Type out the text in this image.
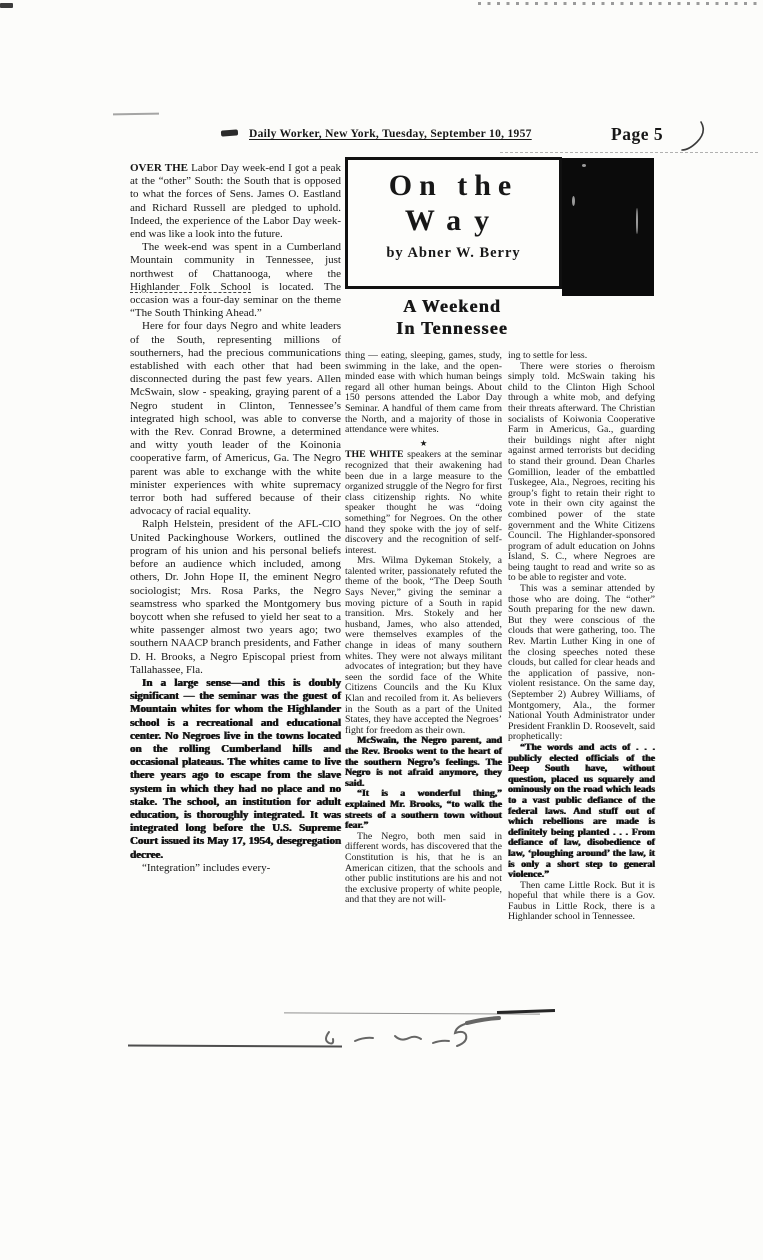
Daily Worker, New York, Tuesday, September 10, 1957	Page 5
On the
Way
by Abner W. Berry
A Weekend
In Tennessee

OVER THE Labor Day week-end I got a peak at the “other” South: the South that is opposed to what the forces of Sens. James O. Eastland and Richard Russell are pledged to uphold. Indeed, the experience of the Labor Day week-end was like a look into the future.

The week-end was spent in a Cumberland Mountain community in Tennessee, just northwest of Chattanooga, where the Highlander Folk School is located. The occasion was a four-day seminar on the theme “The South Thinking Ahead.”

Here for four days Negro and white leaders of the South, representing millions of southerners, had the precious communications established with each other that had been disconnected during the past few years. Allen McSwain, slow - speaking, graying parent of a Negro student in Clinton, Tennessee’s integrated high school, was able to converse with the Rev. Conrad Browne, a determined and witty youth leader of the Koinonia cooperative farm, of Americus, Ga. The Negro parent was able to exchange with the white minister experiences with white supremacy terror both had suffered because of their advocacy of racial equality.

Ralph Helstein, president of the AFL-CIO United Packinghouse Workers, outlined the program of his union and his personal beliefs before an audience which included, among others, Dr. John Hope II, the eminent Negro sociologist; Mrs. Rosa Parks, the Negro seamstress who sparked the Montgomery bus boycott when she refused to yield her seat to a white passenger almost two years ago; two southern NAACP branch presidents, and Father D. H. Brooks, a Negro Episcopal priest from Tallahassee, Fla.

In a large sense—and this is doubly significant — the seminar was the guest of Mountain whites for whom the Highlander school is a recreational and educational center. No Negroes live in the towns located on the rolling Cumberland hills and occasional plateaus. The whites came to live there years ago to escape from the slave system in which they had no place and no stake. The school, an institution for adult education, is thoroughly integrated. It was integrated long before the U.S. Supreme Court issued its May 17, 1954, desegregation decree.

“Integration” includes every-

thing — eating, sleeping, games, study, swimming in the lake, and the open-minded ease with which human beings regard all other human beings. About 150 persons attended the Labor Day Seminar. A handful of them came from the North, and a majority of those in attendance were whites.

★

THE WHITE speakers at the seminar recognized that their awakening had been due in a large measure to the organized struggle of the Negro for first class citizenship rights. No white speaker thought he was “doing something” for Negroes. On the other hand they spoke with the joy of self-discovery and the recognition of self-interest.

Mrs. Wilma Dykeman Stokely, a talented writer, passionately refuted the theme of the book, “The Deep South Says Never,” giving the seminar a moving picture of a South in rapid transition. Mrs. Stokely and her husband, James, who also attended, were themselves examples of the change in ideas of many southern whites. They were not always militant advocates of integration; but they have seen the sordid face of the White Citizens Councils and the Ku Klux Klan and recoiled from it. As believers in the South as a part of the United States, they have accepted the Negroes’ fight for freedom as their own.

McSwain, the Negro parent, and the Rev. Brooks went to the heart of the southern Negro’s feelings. The Negro is not afraid anymore, they said.

“It is a wonderful thing,” explained Mr. Brooks, “to walk the streets of a southern town without fear.”

The Negro, both men said in different words, has discovered that the Constitution is his, that he is an American citizen, that the schools and other public institutions are his and not the exclusive property of white people, and that they are not will-

ing to settle for less.

There were stories o fheroism simply told. McSwain taking his child to the Clinton High School through a white mob, and defying their threats afterward. The Christian socialists of Koiwonia Cooperative Farm in Americus, Ga., guarding their buildings night after night against armed terrorists but deciding to stand their ground. Dean Charles Gomillion, leader of the embattled Tuskegee, Ala., Negroes, reciting his group’s fight to retain their right to vote in their own city against the combined power of the state government and the White Citizens Council. The Highlander-sponsored program of adult education on Johns Island, S. C., where Negroes are being taught to read and write so as to be able to register and vote.

This was a seminar attended by those who are doing. The “other” South preparing for the new dawn. But they were conscious of the clouds that were gathering, too. The Rev. Martin Luther King in one of the closing speeches noted these clouds, but called for clear heads and the application of passive, non-violent resistance. On the same day, (September 2) Aubrey Williams, of Montgomery, Ala., the former National Youth Administrator under President Franklin D. Roosevelt, said prophetically:

“The words and acts of . . . publicly elected officials of the Deep South have, without question, placed us squarely and ominously on the road which leads to a vast public defiance of the federal laws. And stuff out of which rebellions are made is definitely being planted . . . From defiance of law, disobedience of law, ‘ploughing around’ the law, it is only a short step to general violence.”

Then came Little Rock. But it is hopeful that while there is a Gov. Faubus in Little Rock, there is a Highlander school in Tennessee.
